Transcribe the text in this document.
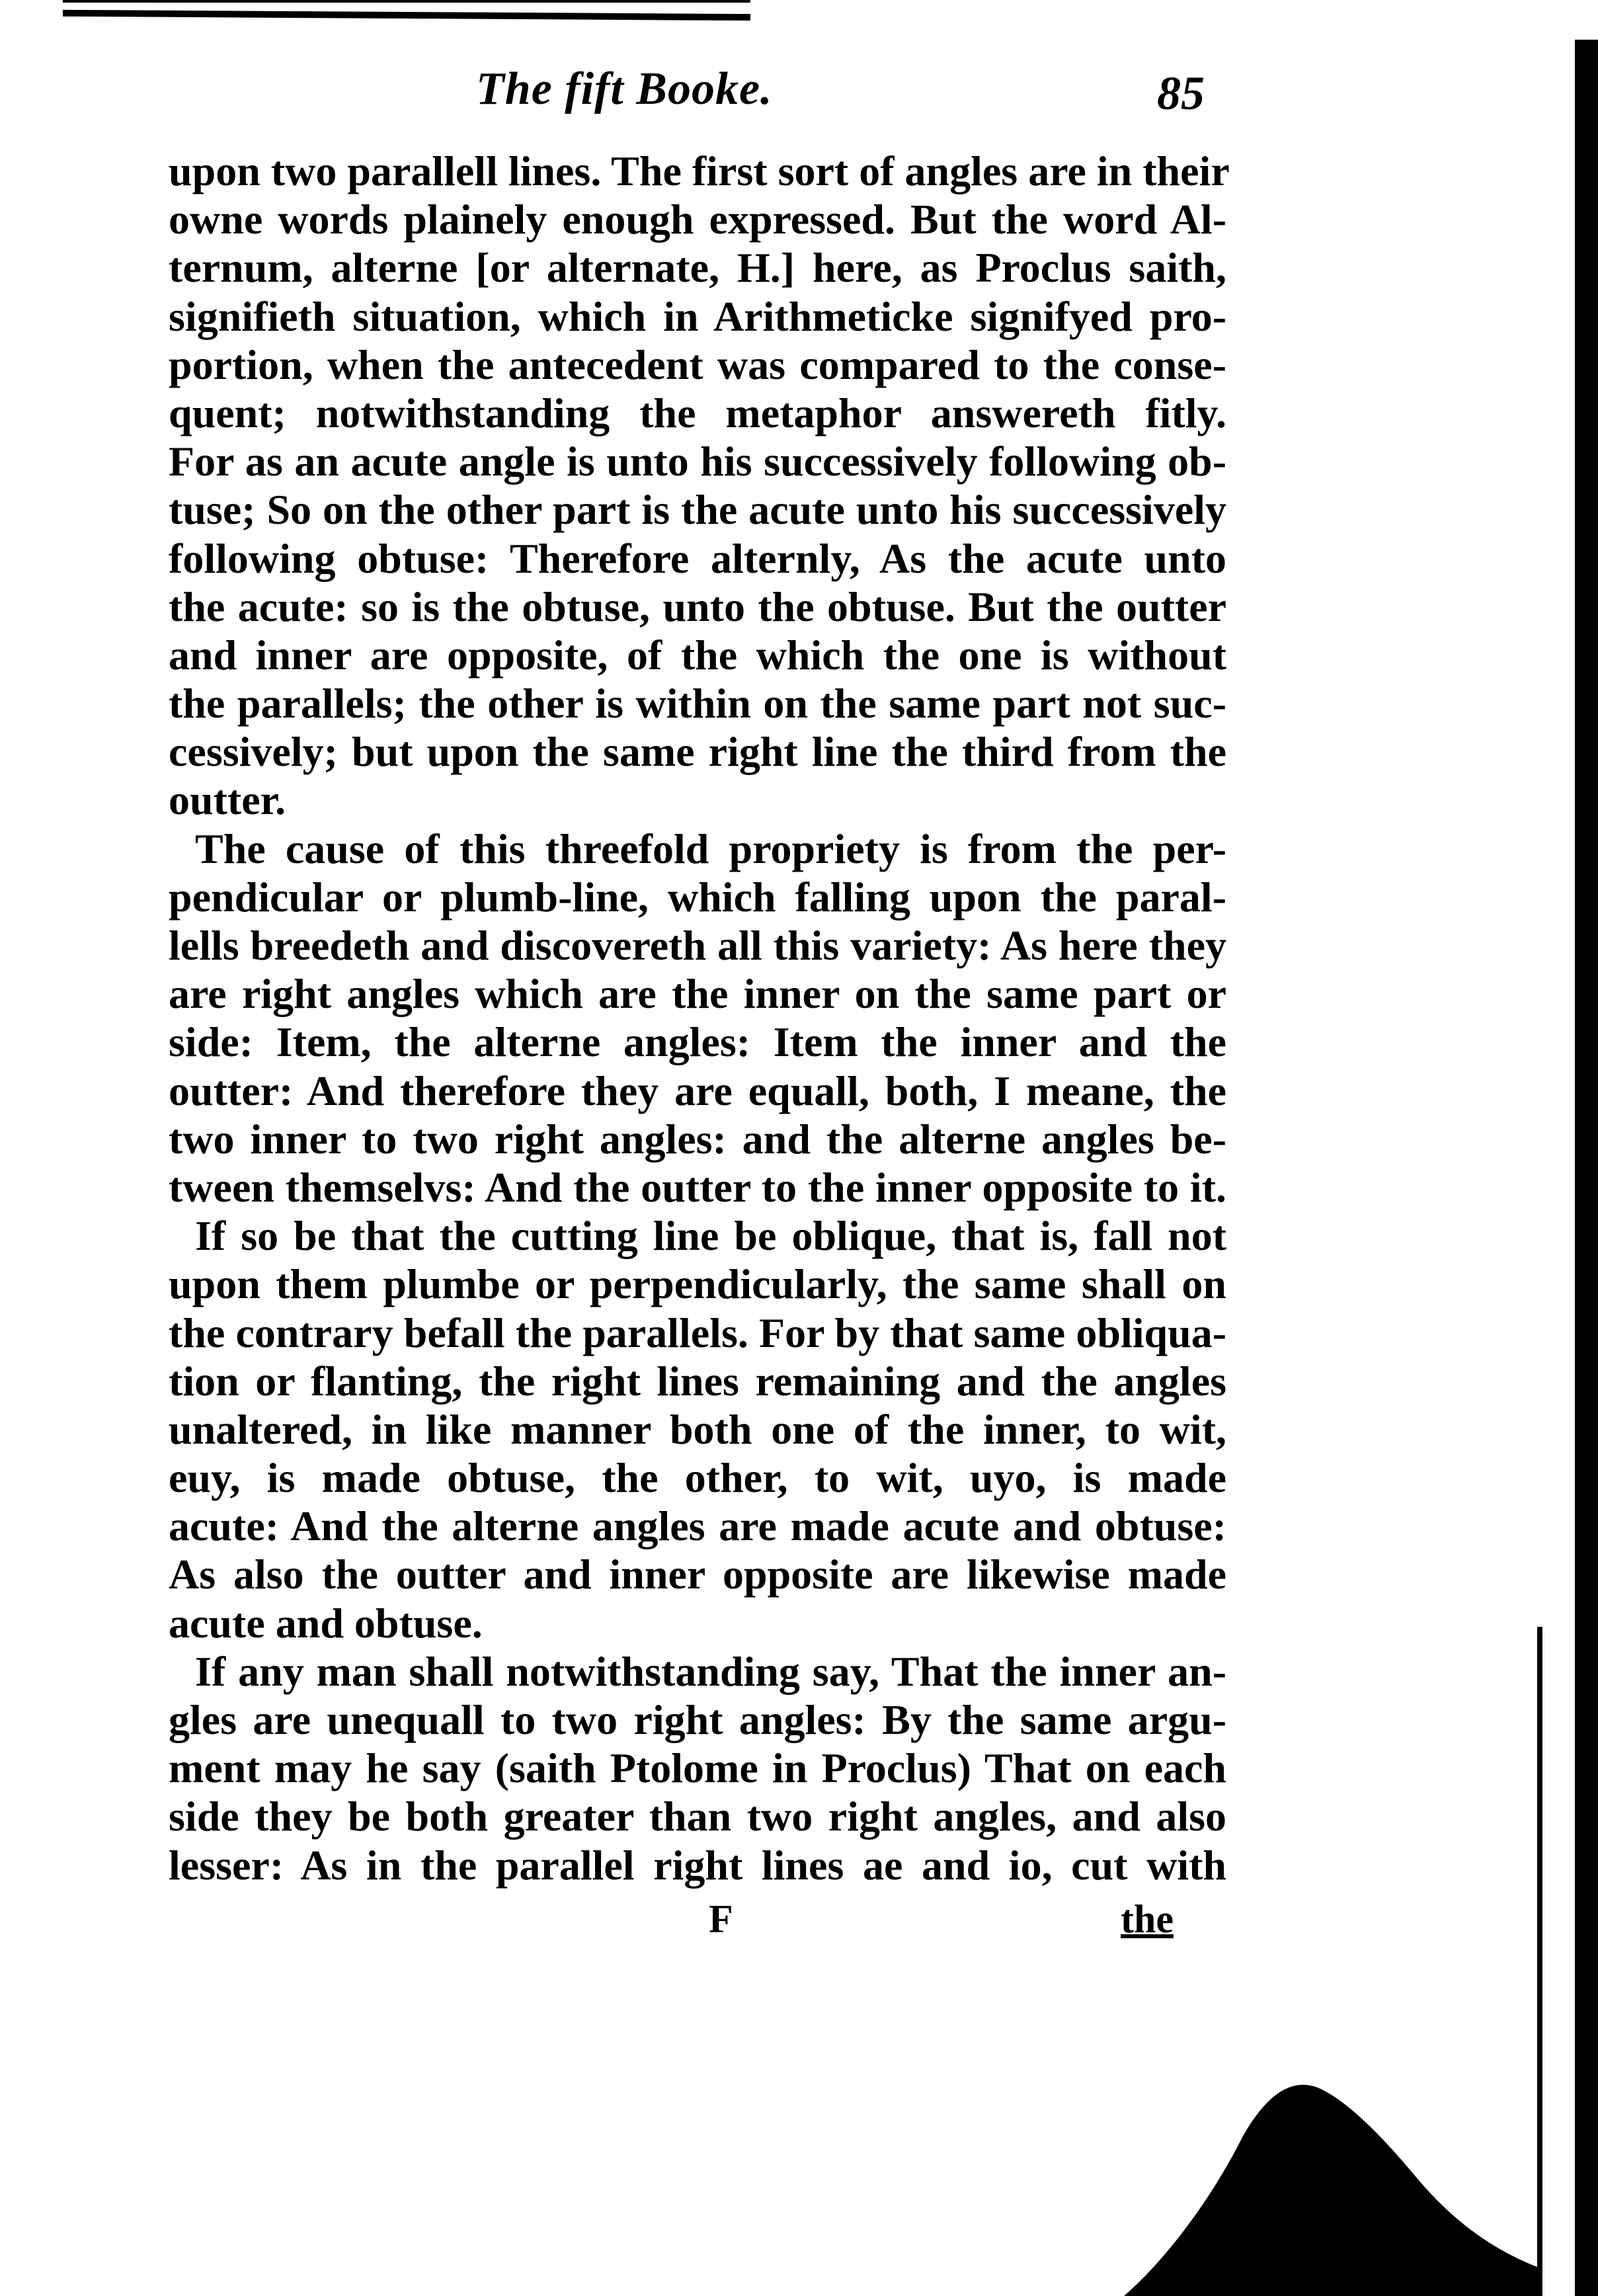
The fift Booke.	85
upon two parallell lines. The first sort of angles are in their
owne words plainely enough expressed. But the word Al-
ternum, alterne [or alternate, H.] here, as Proclus saith,
signifieth situation, which in Arithmeticke signifyed pro-
portion, when the antecedent was compared to the conse-
quent; notwithstanding the metaphor answereth fitly.
For as an acute angle is unto his successively following ob-
tuse; So on the other part is the acute unto his successively
following obtuse: Therefore alternly, As the acute unto
the acute: so is the obtuse, unto the obtuse. But the outter
and inner are opposite, of the which the one is without
the parallels; the other is within on the same part not suc-
cessively; but upon the same right line the third from the
outter.
The cause of this threefold propriety is from the per-
pendicular or plumb-line, which falling upon the paral-
lells breedeth and discovereth all this variety: As here they
are right angles which are the inner on the same part or
side: Item, the alterne angles: Item the inner and the
outter: And therefore they are equall, both, I meane, the
two inner to two right angles: and the alterne angles be-
tween themselvs: And the outter to the inner opposite to it.
If so be that the cutting line be oblique, that is, fall not
upon them plumbe or perpendicularly, the same shall on
the contrary befall the parallels. For by that same obliqua-
tion or flanting, the right lines remaining and the angles
unaltered, in like manner both one of the inner, to wit,
euy, is made obtuse, the other, to wit, uyo, is made
acute: And the alterne angles are made acute and obtuse:
As also the outter and inner opposite are likewise made
acute and obtuse.
If any man shall notwithstanding say, That the inner an-
gles are unequall to two right angles: By the same argu-
ment may he say (saith Ptolome in Proclus) That on each
side they be both greater than two right angles, and also
lesser: As in the parallel right lines ae and io, cut with
F	the
